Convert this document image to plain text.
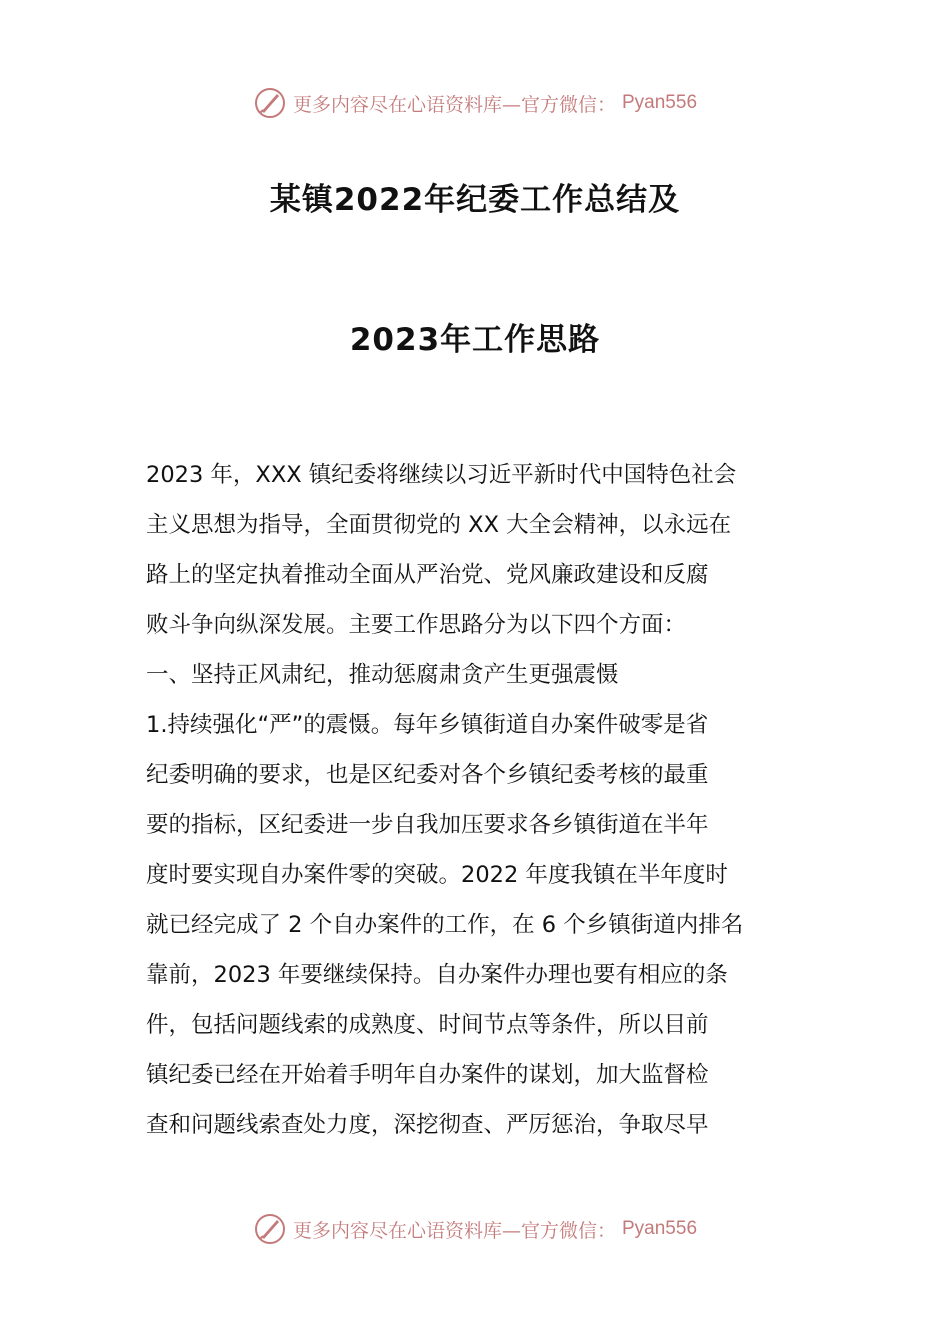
更多内容尽在心语资料库—官方微信： Pyan556
某镇2022年纪委工作总结及
2023年工作思路
2023 年，XXX 镇纪委将继续以习近平新时代中国特色社会
主义思想为指导，全面贯彻党的 XX 大全会精神，以永远在
路上的坚定执着推动全面从严治党、党风廉政建设和反腐
败斗争向纵深发展。主要工作思路分为以下四个方面：
一、坚持正风肃纪，推动惩腐肃贪产生更强震慑
1.持续强化“严”的震慑。每年乡镇街道自办案件破零是省
纪委明确的要求，也是区纪委对各个乡镇纪委考核的最重
要的指标，区纪委进一步自我加压要求各乡镇街道在半年
度时要实现自办案件零的突破。2022 年度我镇在半年度时
就已经完成了 2 个自办案件的工作，在 6 个乡镇街道内排名
靠前，2023 年要继续保持。自办案件办理也要有相应的条
件，包括问题线索的成熟度、时间节点等条件，所以目前
镇纪委已经在开始着手明年自办案件的谋划，加大监督检
查和问题线索查处力度，深挖彻查、严厉惩治，争取尽早
更多内容尽在心语资料库—官方微信： Pyan556
